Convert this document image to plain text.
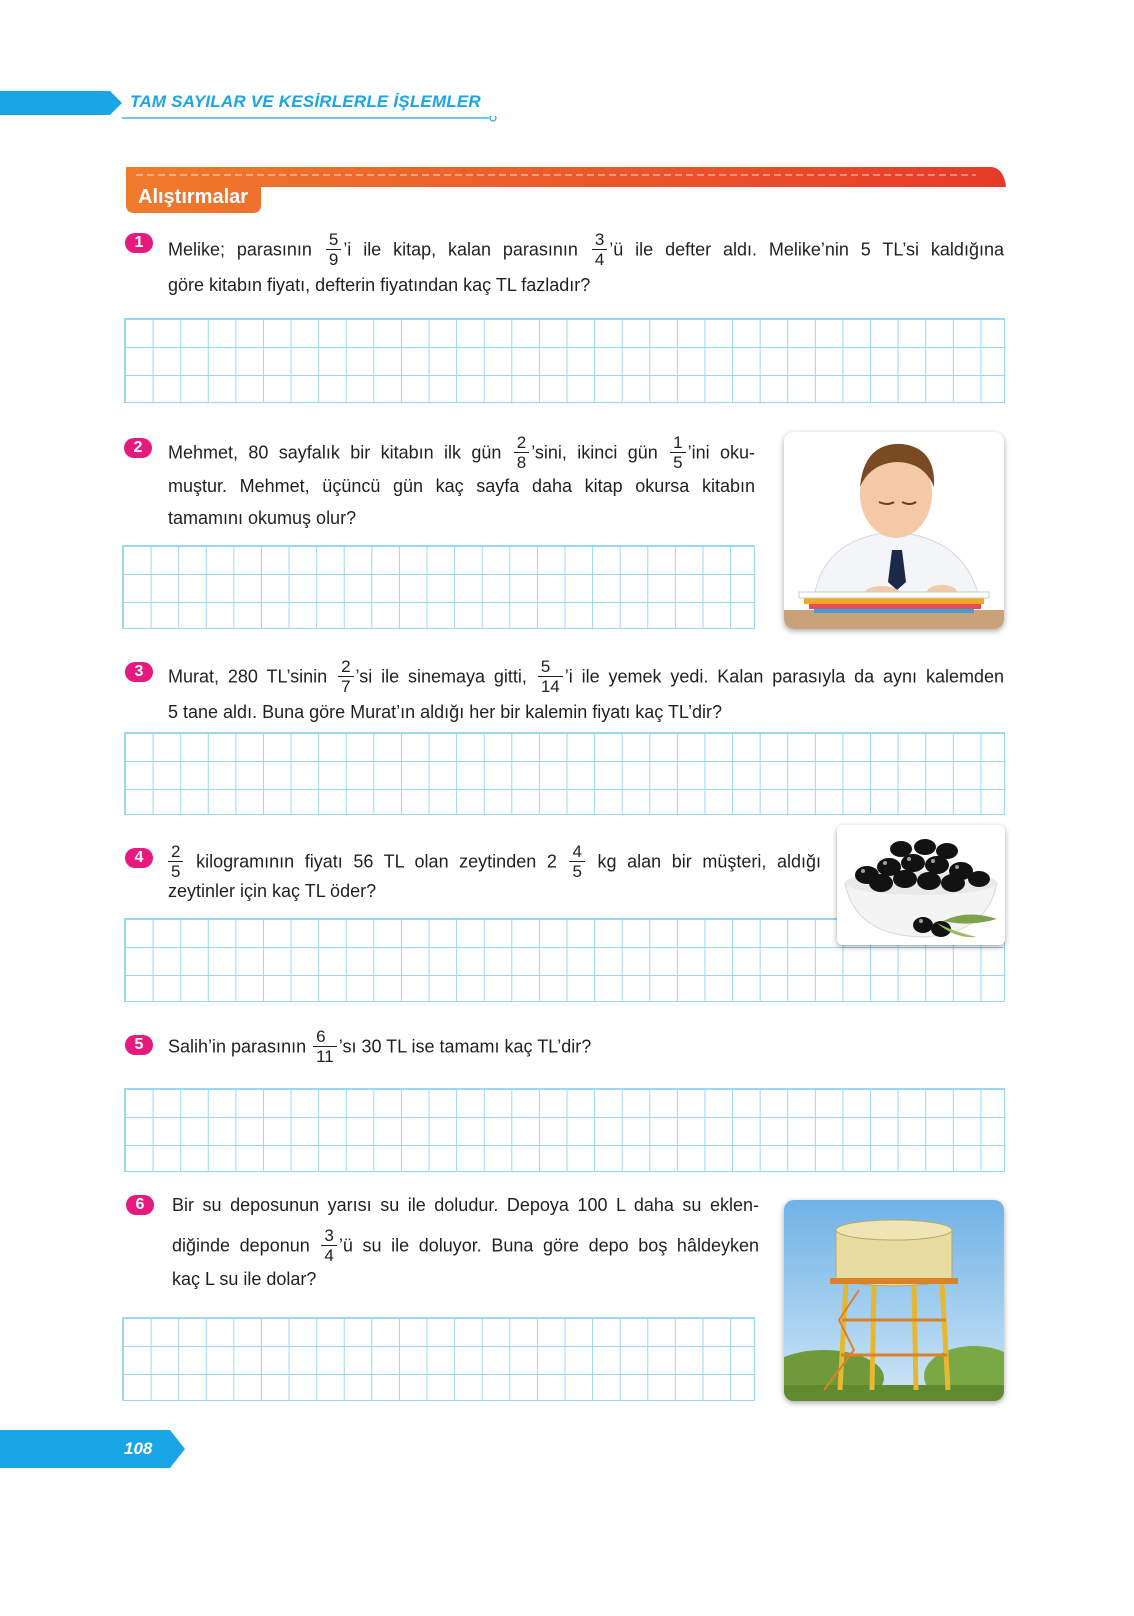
TAM SAYILAR VE KESİRLERLE İŞLEMLER
Alıştırmalar
1	Melike; parasının $\frac{5}{9}$ ’i ile kitap, kalan parasının $\frac{3}{4}$ ’ü ile defter aldı. Melike’nin 5 TL’si kaldığına
göre kitabın fiyatı, defterin fiyatından kaç TL fazladır?
2	Mehmet, 80 sayfalık bir kitabın ilk gün $\frac{2}{8}$ ’sini, ikinci gün $\frac{1}{5}$ ’ini oku-
muştur. Mehmet, üçüncü gün kaç sayfa daha kitap okursa kitabın
tamamını okumuş olur?
3	Murat, 280 TL’sinin $\frac{2}{7}$ ’si ile sinemaya gitti, $\frac{5}{14}$ ’i ile yemek yedi. Kalan parasıyla da aynı kalemden
5 tane aldı. Buna göre Murat’ın aldığı her bir kalemin fiyatı kaç TL’dir?
4	$\frac{2}{5}$ kilogramının fiyatı 56 TL olan zeytinden $2 \frac{4}{5}$ kg alan bir müşteri, aldığı
zeytinler için kaç TL öder?
5	Salih’in parasının $\frac{6}{11}$ ’sı 30 TL ise tamamı kaç TL’dir?
6	Bir su deposunun yarısı su ile doludur. Depoya 100 L daha su eklen-
diğinde deponun $\frac{3}{4}$ ’ü su ile doluyor. Buna göre depo boş hâldeyken
kaç L su ile dolar?
108
